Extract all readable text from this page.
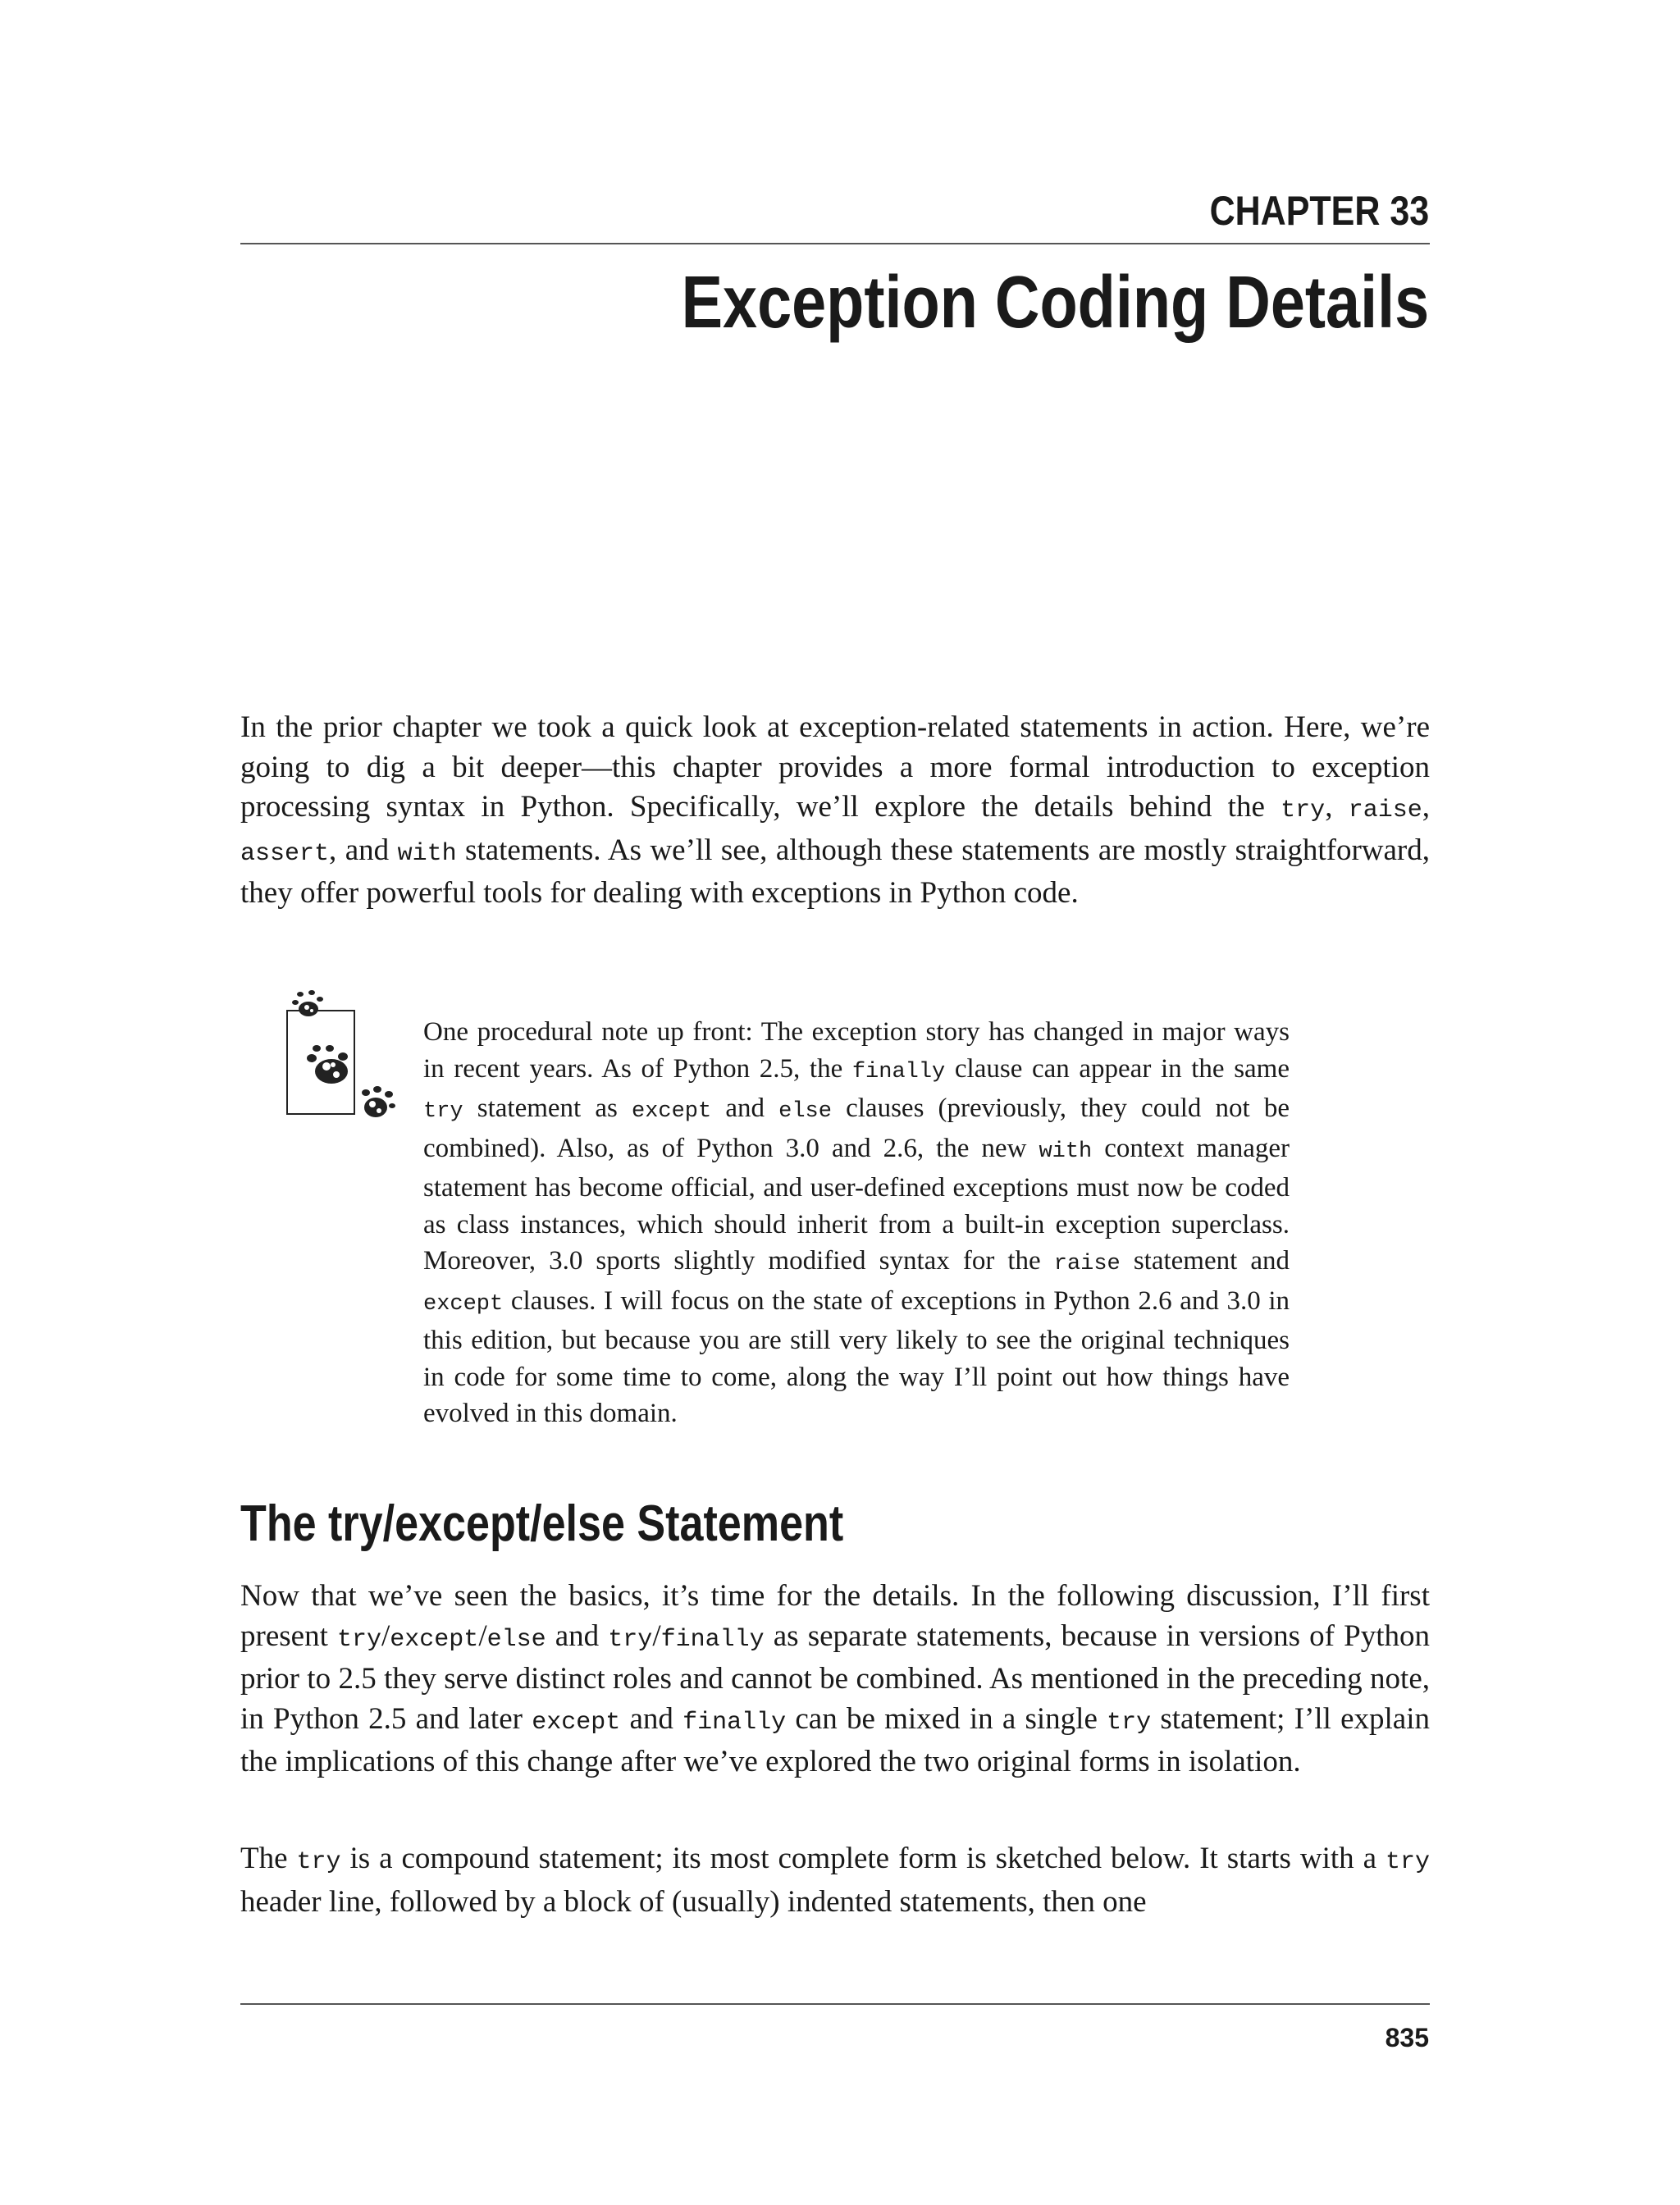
CHAPTER 33

Exception Coding Details

In the prior chapter we took a quick look at exception-related statements in action. Here, we’re going to dig a bit deeper—this chapter provides a more formal introduction to exception processing syntax in Python. Specifically, we’ll explore the details behind the try, raise, assert, and with statements. As we’ll see, although these statements are mostly straightforward, they offer powerful tools for dealing with exceptions in Python code.

One procedural note up front: The exception story has changed in major ways in recent years. As of Python 2.5, the finally clause can appear in the same try statement as except and else clauses (previously, they could not be combined). Also, as of Python 3.0 and 2.6, the new with context manager statement has become official, and user-defined exceptions must now be coded as class instances, which should inherit from a built-in exception superclass. Moreover, 3.0 sports slightly modified syntax for the raise statement and except clauses. I will focus on the state of exceptions in Python 2.6 and 3.0 in this edition, but because you are still very likely to see the original techniques in code for some time to come, along the way I’ll point out how things have evolved in this domain.

The try/except/else Statement

Now that we’ve seen the basics, it’s time for the details. In the following discussion, I’ll first present try/except/else and try/finally as separate statements, because in versions of Python prior to 2.5 they serve distinct roles and cannot be combined. As mentioned in the preceding note, in Python 2.5 and later except and finally can be mixed in a single try statement; I’ll explain the implications of this change after we’ve explored the two original forms in isolation.

The try is a compound statement; its most complete form is sketched below. It starts with a try header line, followed by a block of (usually) indented statements, then one

835
